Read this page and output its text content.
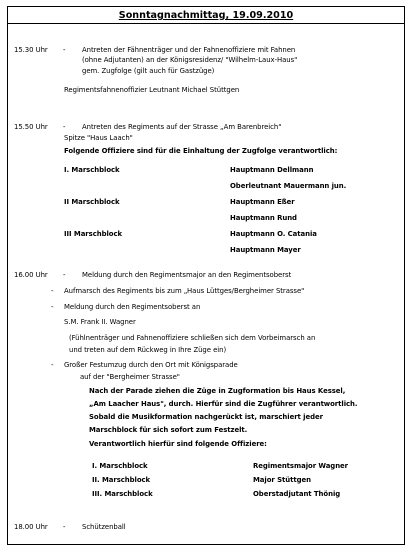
Sonntagnachmittag, 19.09.2010
15.30 Uhr - Antreten der Fähnenträger und der Fahnenoffiziere mit Fahnen
(ohne Adjutanten) an der Königsresidenz/ "Wilhelm-Laux-Haus"
gem. Zugfolge (gilt auch für Gastzüge)
Regimentsfahnenoffizier Leutnant Michael Stüttgen
15.50 Uhr - Antreten des Regiments auf der Strasse „Am Barenbreich"
Spitze "Haus Laach"
Folgende Offiziere sind für die Einhaltung der Zugfolge verantwortlich:
I. Marschblock	Hauptmann Dellmann
Oberleutnant Mauermann jun.
II Marschblock	Hauptmann Eßer
Hauptmann Rund
III Marschblock	Hauptmann O. Catania
Hauptmann Mayer
16.00 Uhr - Meldung durch den Regimentsmajor an den Regimentsoberst
- Aufmarsch des Regiments bis zum „Haus Lüttges/Bergheimer Strasse"
- Meldung durch den Regimentsoberst an
S.M. Frank II. Wagner
(Fühlnenträger und Fahnenoffiziere schließen sich dem Vorbeimarsch an
und treten auf dem Rückweg in Ihre Züge ein)
- Großer Festumzug durch den Ort mit Königsparade
auf der "Bergheimer Strasse"
Nach der Parade ziehen die Züge in Zugformation bis Haus Kessel,
„Am Laacher Haus", durch. Hierfür sind die Zugführer verantwortlich.
Sobald die Musikformation nachgerückt ist, marschiert jeder
Marschblock für sich sofort zum Festzelt.
Verantwortlich hierfür sind folgende Offiziere:
I. Marschblock	Regimentsmajor Wagner
II. Marschblock	Major Stüttgen
III. Marschblock	Oberstadjutant Thönig
18.00 Uhr - Schützenball
